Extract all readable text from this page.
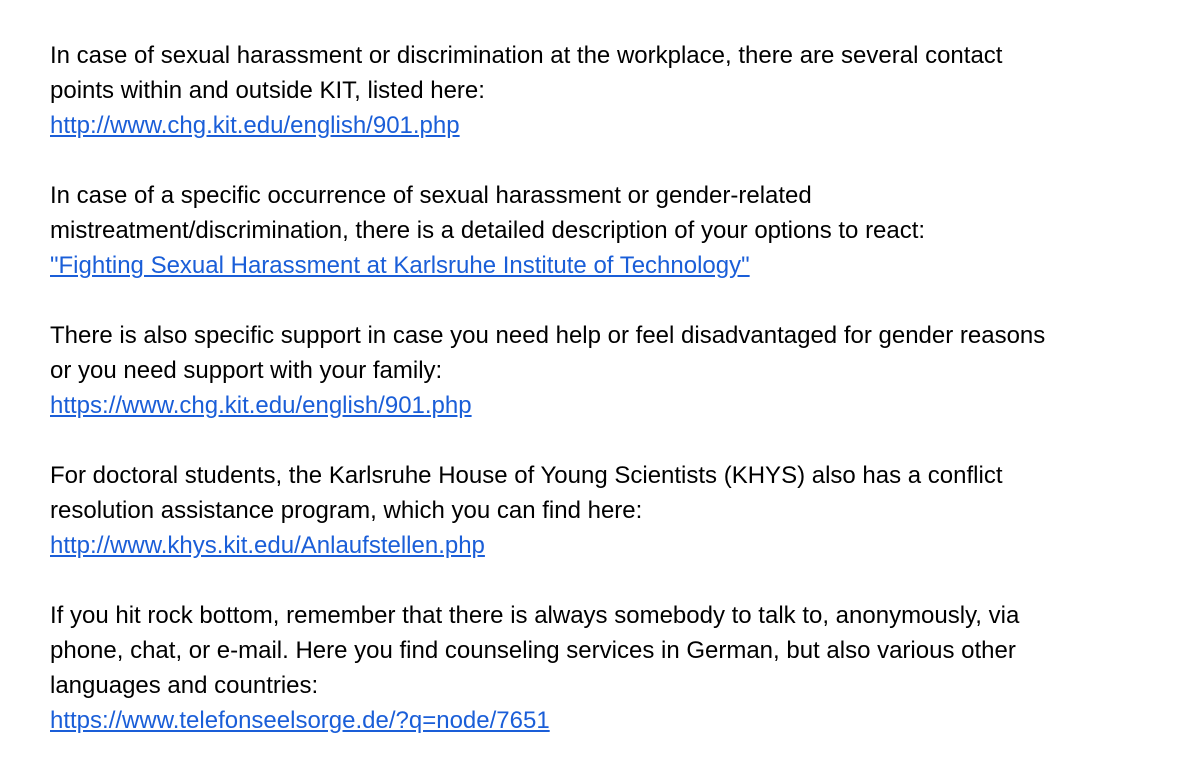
In case of sexual harassment or discrimination at the workplace, there are several contact
points within and outside KIT, listed here:
http://www.chg.kit.edu/english/901.php
In case of a specific occurrence of sexual harassment or gender-related
mistreatment/discrimination, there is a detailed description of your options to react:
"Fighting Sexual Harassment at Karlsruhe Institute of Technology"
There is also specific support in case you need help or feel disadvantaged for gender reasons
or you need support with your family:
https://www.chg.kit.edu/english/901.php
For doctoral students, the Karlsruhe House of Young Scientists (KHYS) also has a conflict
resolution assistance program, which you can find here:
http://www.khys.kit.edu/Anlaufstellen.php
If you hit rock bottom, remember that there is always somebody to talk to, anonymously, via
phone, chat, or e-mail. Here you find counseling services in German, but also various other
languages and countries:
https://www.telefonseelsorge.de/?q=node/7651
